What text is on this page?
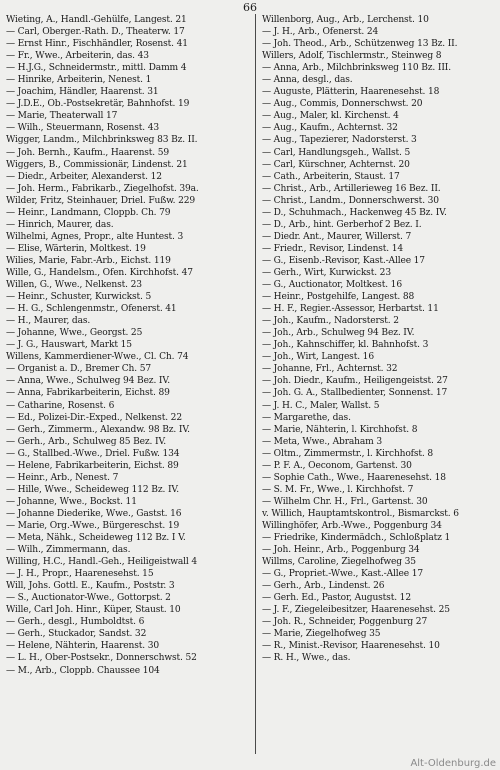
66
Wieting, A., Handl.-Gehülfe, Langest. 21
— Carl, Oberger.-Rath. D., Theaterw. 17
— Ernst Hinr., Fischhändler, Rosenst. 41
— Fr., Wwe., Arbeiterin, das. 43
— H.J.G., Schneidermstr., mittl. Damm 4
— Hinrike, Arbeiterin, Nenest. 1
— Joachim, Händler, Haarenst. 31
— J.D.E., Ob.-Postsekretär, Bahnhofst. 19
— Marie, Theaterwall 17
— Wilh., Steuermann, Rosenst. 43
Wigger, Landm., Milchbrinksweg 83 Bz. II.
— Joh. Bernh., Kaufm., Haarenst. 59
Wiggers, B., Commissionär, Lindenst. 21
— Diedr., Arbeiter, Alexanderst. 12
— Joh. Herm., Fabrikarb., Ziegelhofst. 39a.
Wilder, Fritz, Steinhauer, Driel. Fußw. 229
— Heinr., Landmann, Cloppb. Ch. 79
— Hinrich, Maurer, das.
Wilhelmi, Agnes, Propr., alte Huntest. 3
— Elise, Wärterin, Moltkest. 19
Wilies, Marie, Fabr.-Arb., Eichst. 119
Wille, G., Handelsm., Ofen. Kirchhofst. 47
Willen, G., Wwe., Nelkenst. 23
— Heinr., Schuster, Kurwickst. 5
— H. G., Schlengenmstr., Ofenerst. 41
— H., Maurer, das.
— Johanne, Wwe., Georgst. 25
— J. G., Hauswart, Markt 15
Willens, Kammerdiener-Wwe., Cl. Ch. 74
— Organist a. D., Bremer Ch. 57
— Anna, Wwe., Schulweg 94 Bez. IV.
— Anna, Fabrikarbeiterin, Eichst. 89
— Catharine, Rosenst. 6
— Ed., Polizei-Dir.-Exped., Nelkenst. 22
— Gerh., Zimmerm., Alexandw. 98 Bz. IV.
— Gerh., Arb., Schulweg 85 Bez. IV.
— G., Stallbed.-Wwe., Driel. Fußw. 134
— Helene, Fabrikarbeiterin, Eichst. 89
— Heinr., Arb., Nenest. 7
— Hille, Wwe., Scheideweg 112 Bz. IV.
— Johanne, Wwe., Bockst. 11
— Johanne Diederike, Wwe., Gastst. 16
— Marie, Org.-Wwe., Bürgereschst. 19
— Meta, Nähk., Scheideweg 112 Bz. I V.
— Wilh., Zimmermann, das.
Willing, H.C., Handl.-Geh., Heiligeistwall 4
— J. H., Propr., Haarenesehst. 15
Will, Johs. Gottl. E., Kaufm., Poststr. 3
— S., Auctionator-Wwe., Gottorpst. 2
Wille, Carl Joh. Hinr., Küper, Staust. 10
— Gerh., desgl., Humboldtst. 6
— Gerh., Stuckador, Sandst. 32
— Helene, Nähterin, Haarenst. 30
— L. H., Ober-Postsekr., Donnerschwst. 52
— M., Arb., Cloppb. Chaussee 104
Willenborg, Aug., Arb., Lerchenst. 10
— J. H., Arb., Ofenerst. 24
— Joh. Theod., Arb., Schützenweg 13 Bz. II.
Willers, Adolf, Tischlermstr., Steinweg 8
— Anna, Arb., Milchbrinksweg 110 Bz. III.
— Anna, desgl., das.
— Auguste, Plätterin, Haarenesehst. 18
— Aug., Commis, Donnerschwst. 20
— Aug., Maler, kl. Kirchenst. 4
— Aug., Kaufm., Achternst. 32
— Aug., Tapezierer, Nadorsterst. 3
— Carl, Handlungsgeh., Wallst. 5
— Carl, Kürschner, Achternst. 20
— Cath., Arbeiterin, Staust. 17
— Christ., Arb., Artillerieweg 16 Bez. II.
— Christ., Landm., Donnerschwerst. 30
— D., Schuhmach., Hackenweg 45 Bz. IV.
— D., Arb., hint. Gerberhof 2 Bez. I.
— Diedr. Ant., Maurer, Willerst. 7
— Friedr., Revisor, Lindenst. 14
— G., Eisenb.-Revisor, Kast.-Allee 17
— Gerh., Wirt, Kurwickst. 23
— G., Auctionator, Moltkest. 16
— Heinr., Postgehilfe, Langest. 88
— H. F., Regier.-Assessor, Herbartst. 11
— Joh., Kaufm., Nadorsterst. 2
— Joh., Arb., Schulweg 94 Bez. IV.
— Joh., Kahnschiffer, kl. Bahnhofst. 3
— Joh., Wirt, Langest. 16
— Johanne, Frl., Achternst. 32
— Joh. Diedr., Kaufm., Heiligengeistst. 27
— Joh. G. A., Stallbedienter, Sonnenst. 17
— J. H. C., Maler, Wallst. 5
— Margarethe, das.
— Marie, Nähterin, l. Kirchhofst. 8
— Meta, Wwe., Abraham 3
— Oltm., Zimmermstr., l. Kirchhofst. 8
— P. F. A., Oeconom, Gartenst. 30
— Sophie Cath., Wwe., Haarenesehst. 18
— S. M. Fr., Wwe., l. Kirchhofst. 7
— Wilhelm Chr. H., Frl., Gartenst. 30
v. Willich, Hauptamtskontrol., Bismarckst. 6
Willinghöfer, Arb.-Wwe., Poggenburg 34
— Friedrike, Kindermädch., Schloßplatz 1
— Joh. Heinr., Arb., Poggenburg 34
Willms, Caroline, Ziegelhofweg 35
— G., Propriet.-Wwe., Kast.-Allee 17
— Gerh., Arb., Lindenst. 26
— Gerh. Ed., Pastor, Augustst. 12
— J. F., Ziegeleibesitzer, Haarenesehst. 25
— Joh. R., Schneider, Poggenburg 27
— Marie, Ziegelhofweg 35
— R., Minist.-Revisor, Haarenesehst. 10
— R. H., Wwe., das.
Alt-Oldenburg.de
